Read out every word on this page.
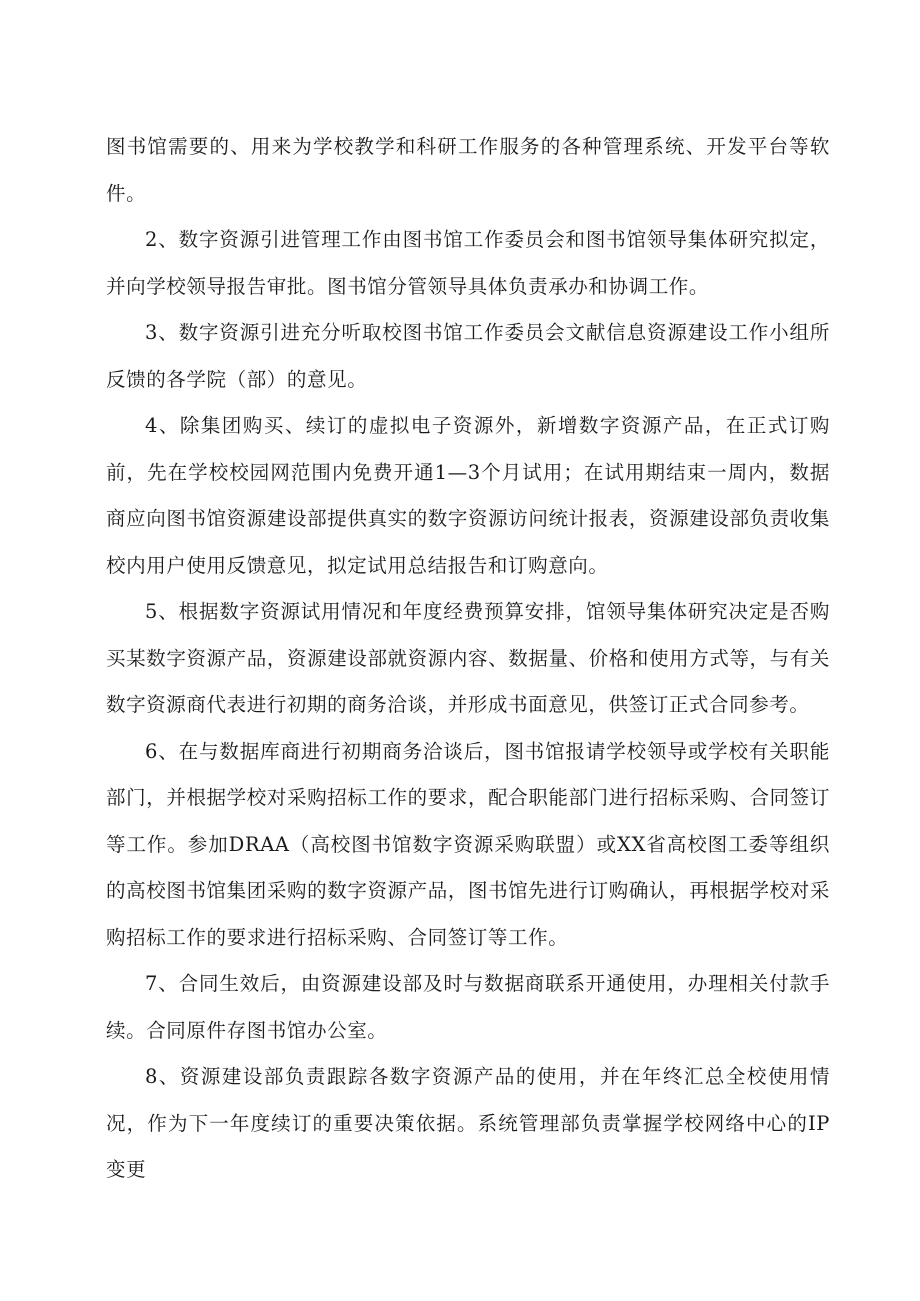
图书馆需要的、用来为学校教学和科研工作服务的各种管理系统、开发平台等软件。

2、数字资源引进管理工作由图书馆工作委员会和图书馆领导集体研究拟定，并向学校领导报告审批。图书馆分管领导具体负责承办和协调工作。

3、数字资源引进充分听取校图书馆工作委员会文献信息资源建设工作小组所反馈的各学院（部）的意见。

4、除集团购买、续订的虚拟电子资源外，新增数字资源产品，在正式订购前，先在学校校园网范围内免费开通1—3个月试用；在试用期结束一周内，数据商应向图书馆资源建设部提供真实的数字资源访问统计报表，资源建设部负责收集校内用户使用反馈意见，拟定试用总结报告和订购意向。

5、根据数字资源试用情况和年度经费预算安排，馆领导集体研究决定是否购买某数字资源产品，资源建设部就资源内容、数据量、价格和使用方式等，与有关数字资源商代表进行初期的商务洽谈，并形成书面意见，供签订正式合同参考。

6、在与数据库商进行初期商务洽谈后，图书馆报请学校领导或学校有关职能部门，并根据学校对采购招标工作的要求，配合职能部门进行招标采购、合同签订等工作。参加DRAA（高校图书馆数字资源采购联盟）或XX省高校图工委等组织的高校图书馆集团采购的数字资源产品，图书馆先进行订购确认，再根据学校对采购招标工作的要求进行招标采购、合同签订等工作。

7、合同生效后，由资源建设部及时与数据商联系开通使用，办理相关付款手续。合同原件存图书馆办公室。

8、资源建设部负责跟踪各数字资源产品的使用，并在年终汇总全校使用情况，作为下一年度续订的重要决策依据。系统管理部负责掌握学校网络中心的IP变更
